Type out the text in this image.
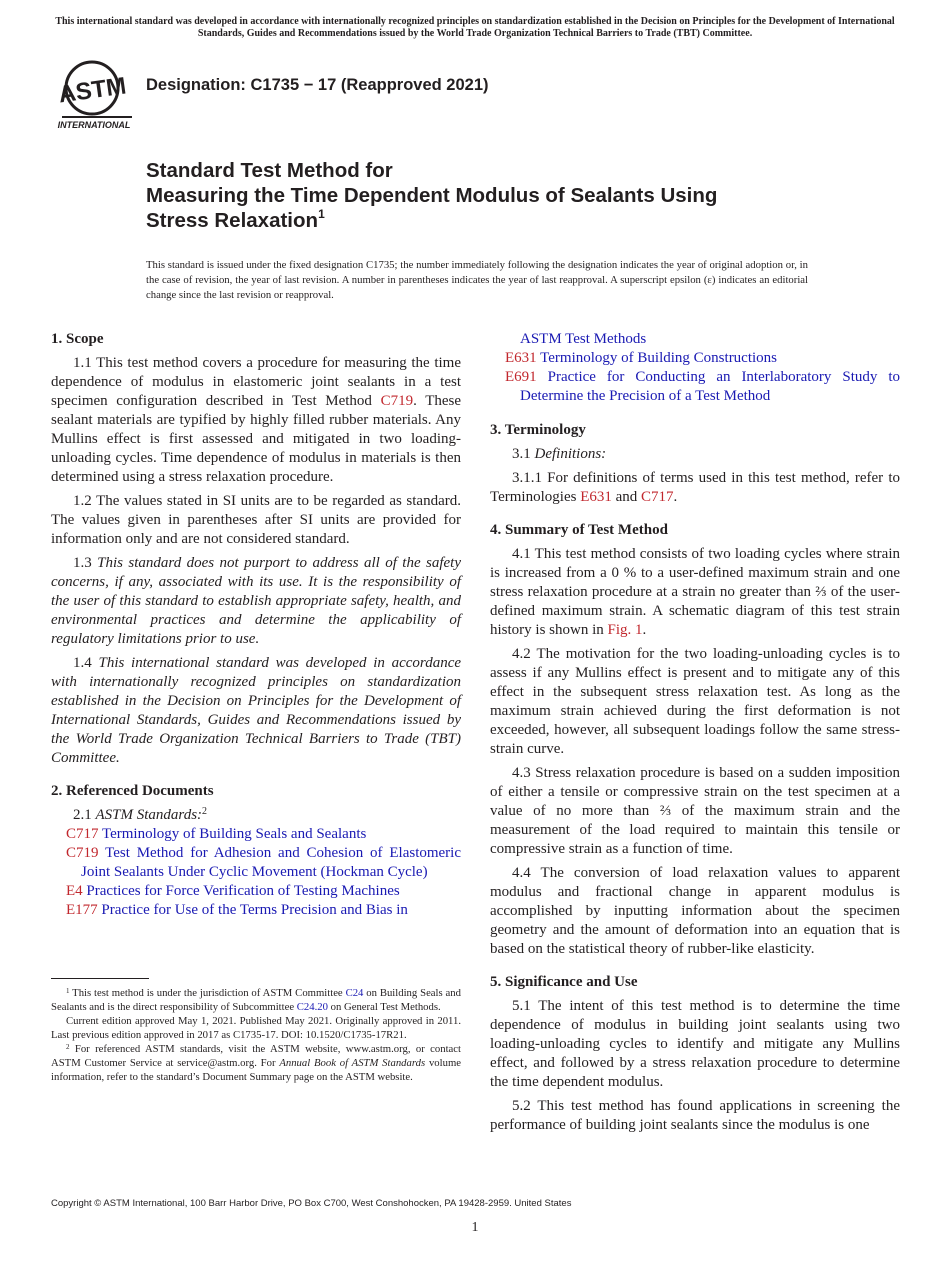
This international standard was developed in accordance with internationally recognized principles on standardization established in the Decision on Principles for the Development of International Standards, Guides and Recommendations issued by the World Trade Organization Technical Barriers to Trade (TBT) Committee.
ASTM
INTERNATIONAL
Designation: C1735 − 17 (Reapproved 2021)
Standard Test Method for
Measuring the Time Dependent Modulus of Sealants Using
Stress Relaxation$^1$
This standard is issued under the fixed designation C1735; the number immediately following the designation indicates the year of original adoption or, in the case of revision, the year of last revision. A number in parentheses indicates the year of last reapproval. A superscript epsilon (ε) indicates an editorial change since the last revision or reapproval.
1. Scope

1.1 This test method covers a procedure for measuring the time dependence of modulus in elastomeric joint sealants in a test specimen configuration described in Test Method C719. These sealant materials are typified by highly filled rubber materials. Any Mullins effect is first assessed and mitigated in two loading-unloading cycles. Time dependence of modulus in materials is then determined using a stress relaxation procedure.

1.2 The values stated in SI units are to be regarded as standard. The values given in parentheses after SI units are provided for information only and are not considered standard.

1.3 This standard does not purport to address all of the safety concerns, if any, associated with its use. It is the responsibility of the user of this standard to establish appropriate safety, health, and environmental practices and determine the applicability of regulatory limitations prior to use.

1.4 This international standard was developed in accordance with internationally recognized principles on standardization established in the Decision on Principles for the Development of International Standards, Guides and Recommendations issued by the World Trade Organization Technical Barriers to Trade (TBT) Committee.

2. Referenced Documents

2.1 ASTM Standards:$^2$

C717 Terminology of Building Seals and Sealants
C719 Test Method for Adhesion and Cohesion of Elastomeric Joint Sealants Under Cyclic Movement (Hockman Cycle)
E4 Practices for Force Verification of Testing Machines
E177 Practice for Use of the Terms Precision and Bias in
ASTM Test Methods
E631 Terminology of Building Constructions
E691 Practice for Conducting an Interlaboratory Study to Determine the Precision of a Test Method
3. Terminology

3.1 Definitions:

3.1.1 For definitions of terms used in this test method, refer to Terminologies E631 and C717.

4. Summary of Test Method

4.1 This test method consists of two loading cycles where strain is increased from a 0 % to a user-defined maximum strain and one stress relaxation procedure at a strain no greater than ⅔ of the user-defined maximum strain. A schematic diagram of this test strain history is shown in Fig. 1.

4.2 The motivation for the two loading-unloading cycles is to assess if any Mullins effect is present and to mitigate any of this effect in the subsequent stress relaxation test. As long as the maximum strain achieved during the first deformation is not exceeded, however, all subsequent loadings follow the same stress-strain curve.

4.3 Stress relaxation procedure is based on a sudden imposition of either a tensile or compressive strain on the test specimen at a value of no more than ⅔ of the maximum strain and the measurement of the load required to maintain this tensile or compressive strain as a function of time.

4.4 The conversion of load relaxation values to apparent modulus and fractional change in apparent modulus is accomplished by inputting information about the specimen geometry and the amount of deformation into an equation that is based on the statistical theory of rubber-like elasticity.

5. Significance and Use

5.1 The intent of this test method is to determine the time dependence of modulus in building joint sealants using two loading-unloading cycles to identify and mitigate any Mullins effect, and followed by a stress relaxation procedure to determine the time dependent modulus.

5.2 This test method has found applications in screening the performance of building joint sealants since the modulus is one

$^1$ This test method is under the jurisdiction of ASTM Committee C24 on Building Seals and Sealants and is the direct responsibility of Subcommittee C24.20 on General Test Methods.

Current edition approved May 1, 2021. Published May 2021. Originally approved in 2011. Last previous edition approved in 2017 as C1735-17. DOI: 10.1520/C1735-17R21.

$^2$ For referenced ASTM standards, visit the ASTM website, www.astm.org, or contact ASTM Customer Service at service@astm.org. For Annual Book of ASTM Standards volume information, refer to the standard’s Document Summary page on the ASTM website.

Copyright © ASTM International, 100 Barr Harbor Drive, PO Box C700, West Conshohocken, PA 19428-2959. United States
1
